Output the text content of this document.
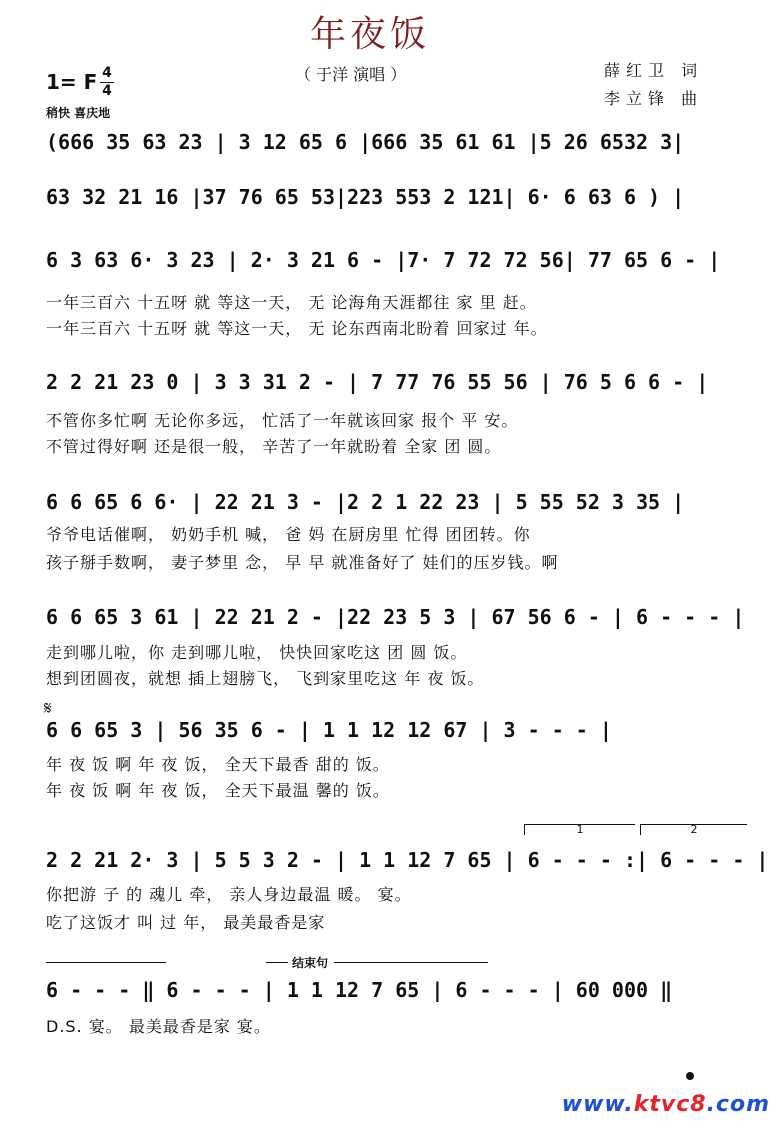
年夜饭
（ 于洋 演唱 ）	薛红卫 词
李立锋 曲
1= F 4
4
稍快 喜庆地
(666 35 63 23 | 3 12 65 6 |666 35 61 61 |5 26 6532 3|
63 32 21 16 |37 76 65 53|223 553 2 121| 6· 6 63 6 ) |
6 3 63 6· 3 23 | 2· 3 21 6 - |7· 7 72 72 56| 77 65 6 - |
一年三百六 十五呀 就 等这一天， 无 论海角天涯都往 家 里 赶。
一年三百六 十五呀 就 等这一天， 无 论东西南北盼着 回家过 年。
2 2 21 23 0 | 3 3 31 2 - | 7 77 76 55 56 | 76 5 6 6 - |
不管你多忙啊 无论你多远， 忙活了一年就该回家 报个 平 安。
不管过得好啊 还是很一般， 辛苦了一年就盼着 全家 团 圆。
6 6 65 6 6· | 22 21 3 - |2 2 1 22 23 | 5 55 52 3 35 |
爷爷电话催啊， 奶奶手机 喊， 爸 妈 在厨房里 忙得 团团转。你
孩子掰手数啊， 妻子梦里 念， 早 早 就准备好了 娃们的压岁钱。啊
6 6 65 3 61 | 22 21 2 - |22 23 5 3 | 67 56 6 - | 6 - - - |
走到哪儿啦，你 走到哪儿啦， 快快回家吃这 团 圆 饭。
想到团圆夜，就想 插上翅膀飞， 飞到家里吃这 年 夜 饭。
𝄋
6 6 65 3 | 56 35 6 - | 1 1 12 12 67 | 3 - - - |
年 夜 饭 啊 年 夜 饭， 全天下最香 甜的 饭。
年 夜 饭 啊 年 夜 饭， 全天下最温 馨的 饭。
1	2
2 2 21 2· 3 | 5 5 3 2 - | 1 1 12 7 65 | 6 - - - :| 6 - - - |
你把游 子 的 魂儿 牵， 亲人身边最温 暖。 宴。
吃了这饭才 叫 过 年， 最美最香是家
结束句
6 - - - ‖ 6 - - - | 1 1 12 7 65 | 6 - - - | 60 000 ‖
D.S. 宴。 最美最香是家 宴。
www.ktvc8.com
